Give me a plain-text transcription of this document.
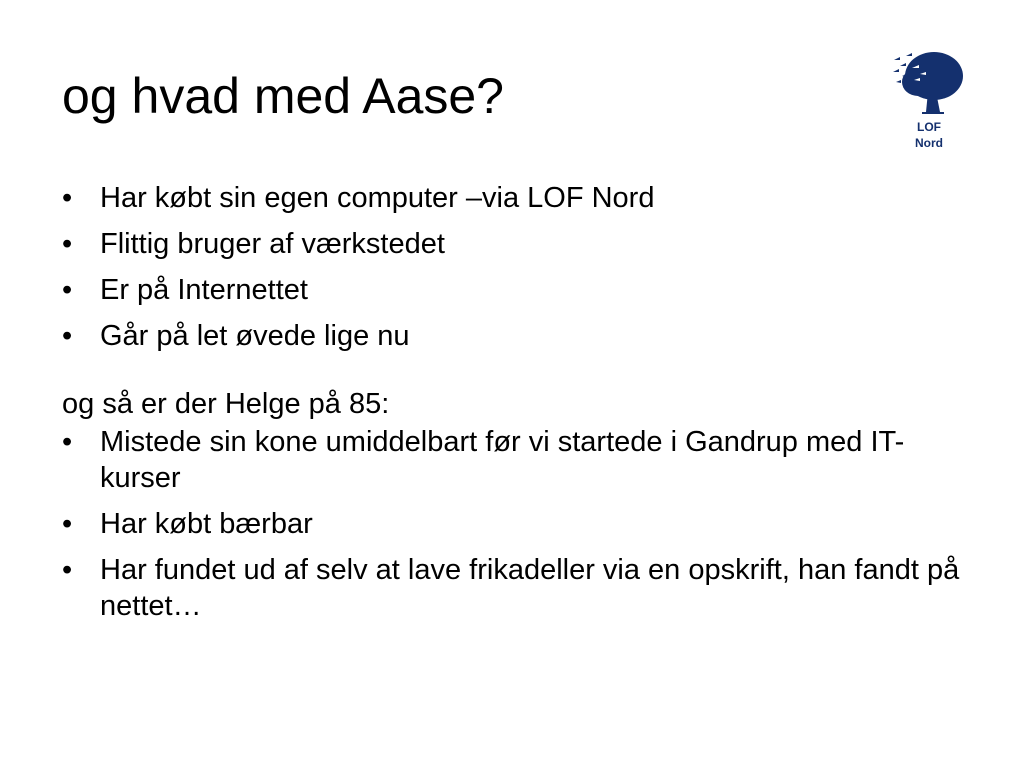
og hvad med Aase?
LOF
Nord
• Har købt sin egen computer –via LOF Nord
• Flittig bruger af værkstedet
• Er på Internettet
• Går på let øvede lige nu
og så er der Helge på 85:
• Mistede sin kone umiddelbart før vi startede i Gandrup med IT-kurser
• Har købt bærbar
• Har fundet ud af selv at lave frikadeller via en opskrift, han fandt på nettet…
